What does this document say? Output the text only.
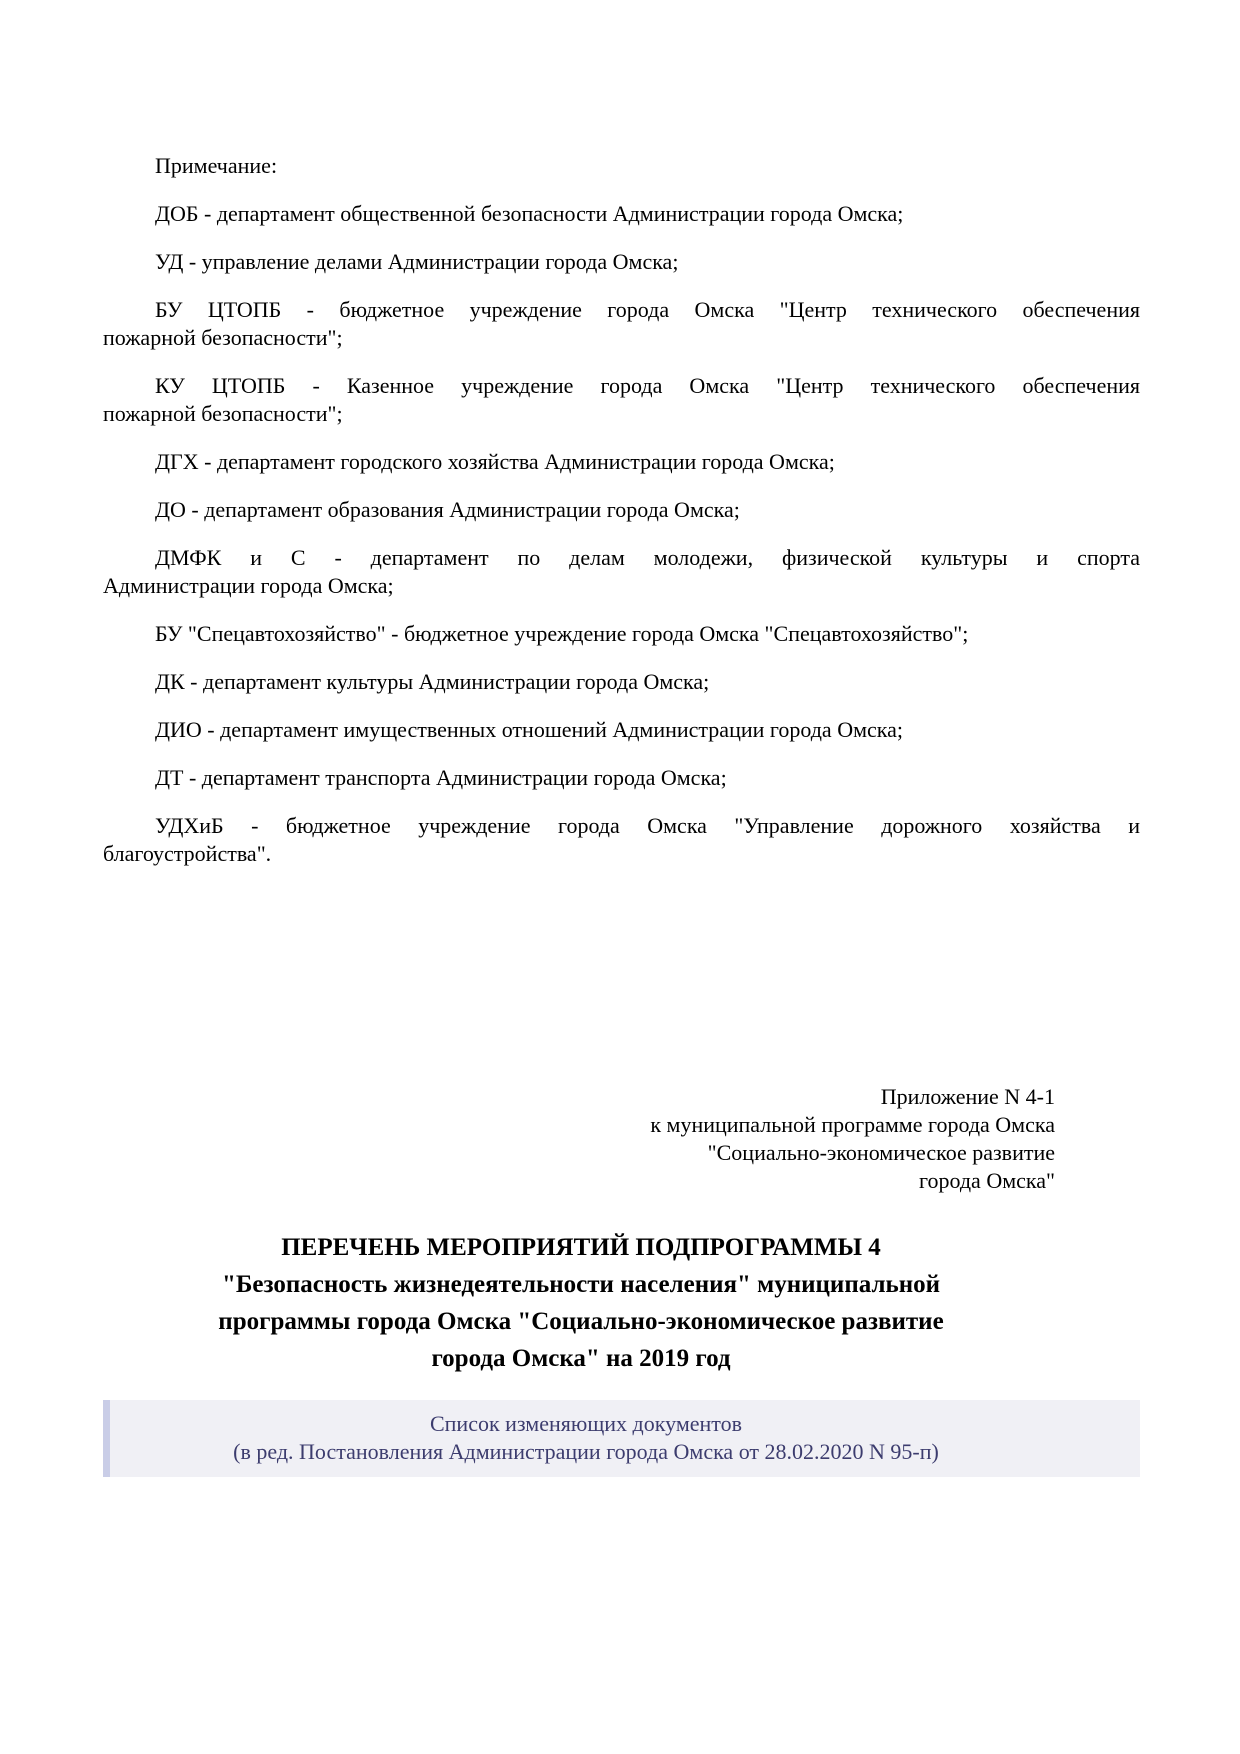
Примечание:
ДОБ - департамент общественной безопасности Администрации города Омска;
УД - управление делами Администрации города Омска;
БУ ЦТОПБ - бюджетное учреждение города Омска "Центр технического обеспечения
пожарной безопасности";
КУ ЦТОПБ - Казенное учреждение города Омска "Центр технического обеспечения
пожарной безопасности";
ДГХ - департамент городского хозяйства Администрации города Омска;
ДО - департамент образования Администрации города Омска;
ДМФК и С - департамент по делам молодежи, физической культуры и спорта
Администрации города Омска;
БУ "Спецавтохозяйство" - бюджетное учреждение города Омска "Спецавтохозяйство";
ДК - департамент культуры Администрации города Омска;
ДИО - департамент имущественных отношений Администрации города Омска;
ДТ - департамент транспорта Администрации города Омска;
УДХиБ - бюджетное учреждение города Омска "Управление дорожного хозяйства и
благоустройства".
Приложение N 4-1
к муниципальной программе города Омска
"Социально-экономическое развитие
города Омска"
ПЕРЕЧЕНЬ МЕРОПРИЯТИЙ ПОДПРОГРАММЫ 4
"Безопасность жизнедеятельности населения" муниципальной
программы города Омска "Социально-экономическое развитие
города Омска" на 2019 год
Список изменяющих документов
(в ред. Постановления Администрации города Омска от 28.02.2020 N 95-п)
